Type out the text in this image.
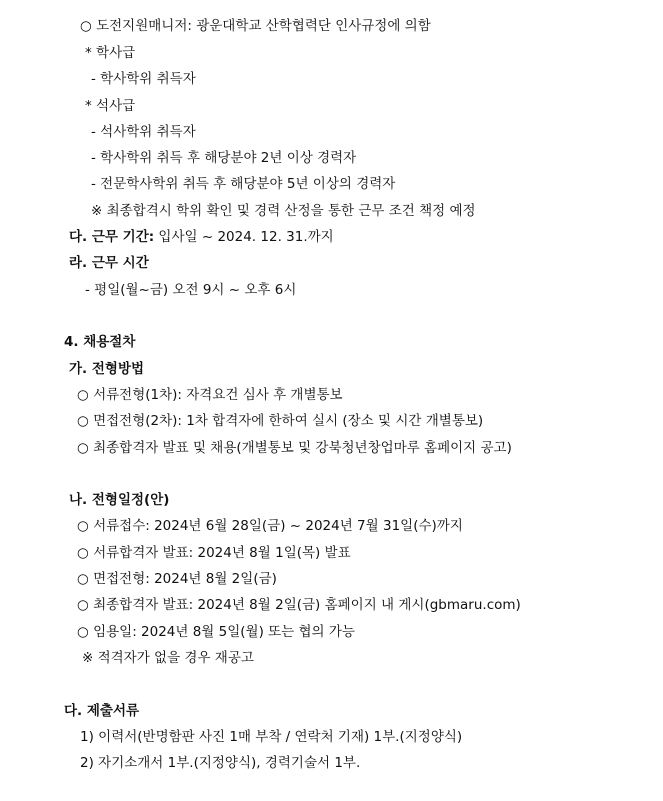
○ 도전지원매니저: 광운대학교 산학협력단 인사규정에 의함
* 학사급
- 학사학위 취득자
* 석사급
- 석사학위 취득자
- 학사학위 취득 후 해당분야 2년 이상 경력자
- 전문학사학위 취득 후 해당분야 5년 이상의 경력자
※ 최종합격시 학위 확인 및 경력 산정을 통한 근무 조건 책정 예정
다. 근무 기간: 입사일 ~ 2024. 12. 31.까지
라. 근무 시간
- 평일(월~금) 오전 9시 ~ 오후 6시
4. 채용절차
가. 전형방법
○ 서류전형(1차): 자격요건 심사 후 개별통보
○ 면접전형(2차): 1차 합격자에 한하여 실시 (장소 및 시간 개별통보)
○ 최종합격자 발표 및 채용(개별통보 및 강북청년창업마루 홈페이지 공고)
나. 전형일정(안)
○ 서류접수: 2024년 6월 28일(금) ~ 2024년 7월 31일(수)까지
○ 서류합격자 발표: 2024년 8월 1일(목) 발표
○ 면접전형: 2024년 8월 2일(금)
○ 최종합격자 발표: 2024년 8월 2일(금) 홈페이지 내 게시(gbmaru.com)
○ 임용일: 2024년 8월 5일(월) 또는 협의 가능
※ 적격자가 없을 경우 재공고
다. 제출서류
1) 이력서(반명함판 사진 1매 부착 / 연락처 기재) 1부.(지정양식)
2) 자기소개서 1부.(지정양식), 경력기술서 1부.
